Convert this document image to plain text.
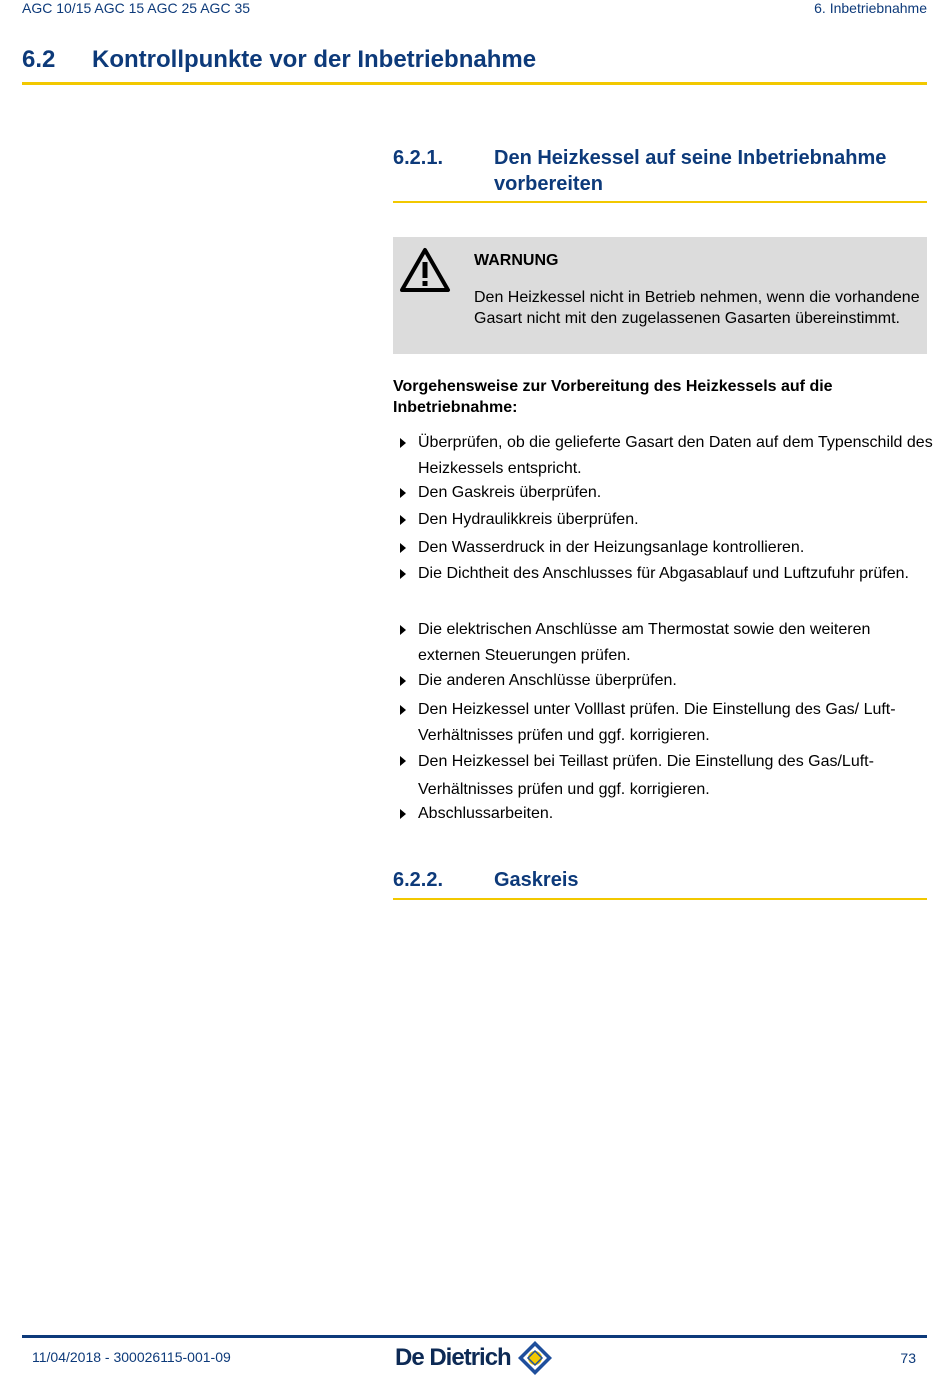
AGC 10/15 AGC 15 AGC 25 AGC 35	6. Inbetriebnahme
6.2 Kontrollpunkte vor der Inbetriebnahme
6.2.1.	Den Heizkessel auf seine Inbetriebnahme vorbereiten
WARNUNG
Den Heizkessel nicht in Betrieb nehmen, wenn die vorhandene Gasart nicht mit den zugelassenen Gasarten übereinstimmt.
Vorgehensweise zur Vorbereitung des Heizkessels auf die Inbetriebnahme:
Überprüfen, ob die gelieferte Gasart den Daten auf dem Typenschild des Heizkessels entspricht.
Den Gaskreis überprüfen.
Den Hydraulikkreis überprüfen.
Den Wasserdruck in der Heizungsanlage kontrollieren.
Die Dichtheit des Anschlusses für Abgasablauf und Luftzufuhr prüfen.
Die elektrischen Anschlüsse am Thermostat sowie den weiteren externen Steuerungen prüfen.
Die anderen Anschlüsse überprüfen.
Den Heizkessel unter Volllast prüfen. Die Einstellung des Gas/ Luft-Verhältnisses prüfen und ggf. korrigieren.
Den Heizkessel bei Teillast prüfen. Die Einstellung des Gas/Luft-Verhältnisses prüfen und ggf. korrigieren.
Abschlussarbeiten.
6.2.2.	Gaskreis
11/04/2018 - 300026115-001-09	De Dietrich	73
